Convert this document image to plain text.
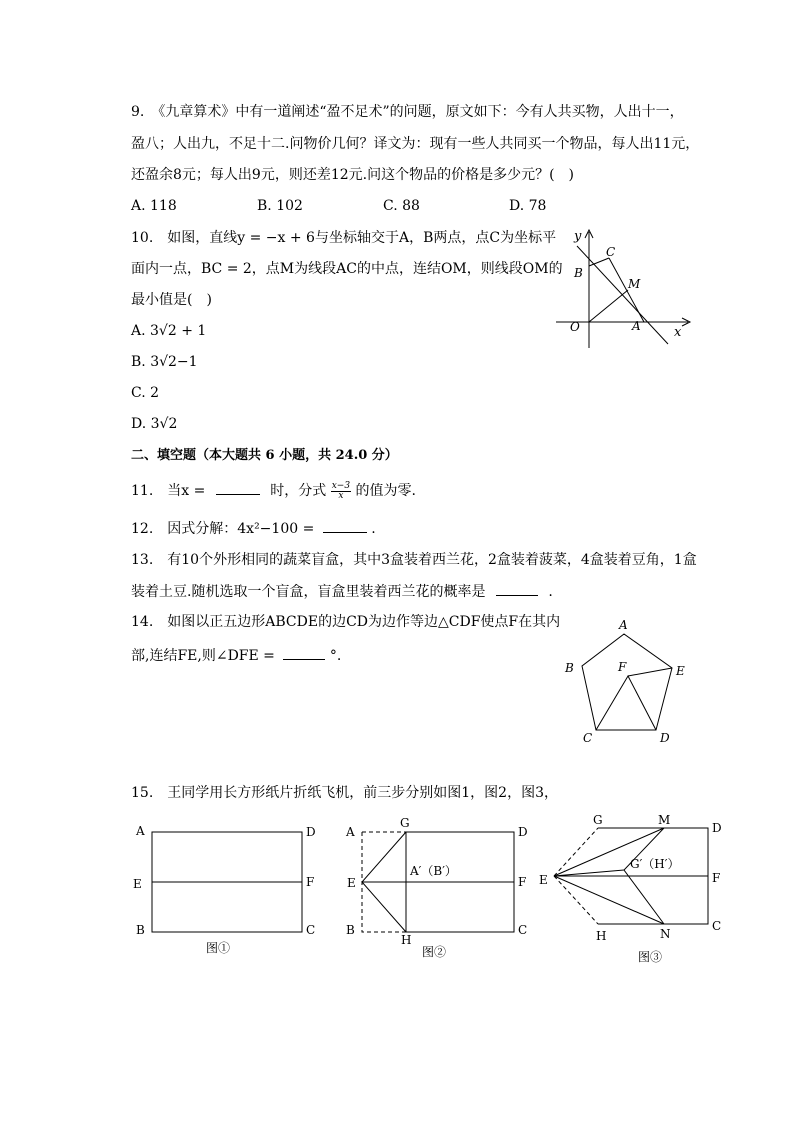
9.　《九章算术》中有一道阐述“盈不足术”的问题，原文如下：今有人共买物，人出十一，
盈八；人出九，不足十二.问物价几何？译文为：现有一些人共同买一个物品，每人出11元，
还盈余8元；每人出9元，则还差12元.问这个物品的价格是多少元？(　)
A. 118	B. 102	C. 88	D. 78
10.　如图，直线y = −x + 6与坐标轴交于A，B两点，点C为坐标平
面内一点，BC = 2，点M为线段AC的中点，连结OM，则线段OM的
最小值是(　)
A. 3√2 + 1
B. 3√2−1
C. 2
D. 3√2
y
x
O	A
B
C
M
二、填空题（本大题共 6 小题，共 24.0 分）
11.　当x =	时，分式 $\frac{x-3}{x}$ 的值为零.
12.　因式分解：4x²−100 =	.
13.　有10个外形相同的蔬菜盲盒，其中3盒装着西兰花，2盒装着菠菜，4盒装着豆角，1盒
装着土豆.随机选取一个盲盒，盲盒里装着西兰花的概率是	.
14.　如图以正五边形ABCDE的边CD为边作等边△CDF使点F在其内
部,连结FE,则∠DFE =	°.
A
B
C	D
E
F
15.　王同学用长方形纸片折纸飞机，前三步分别如图1，图2，图3，
A	D
E	F
B	C
图①
A
G
D
E
A′（B′）
F
B
H
C
图②
G	M
D
G′（H′）
E	F
H	N
C
图③
